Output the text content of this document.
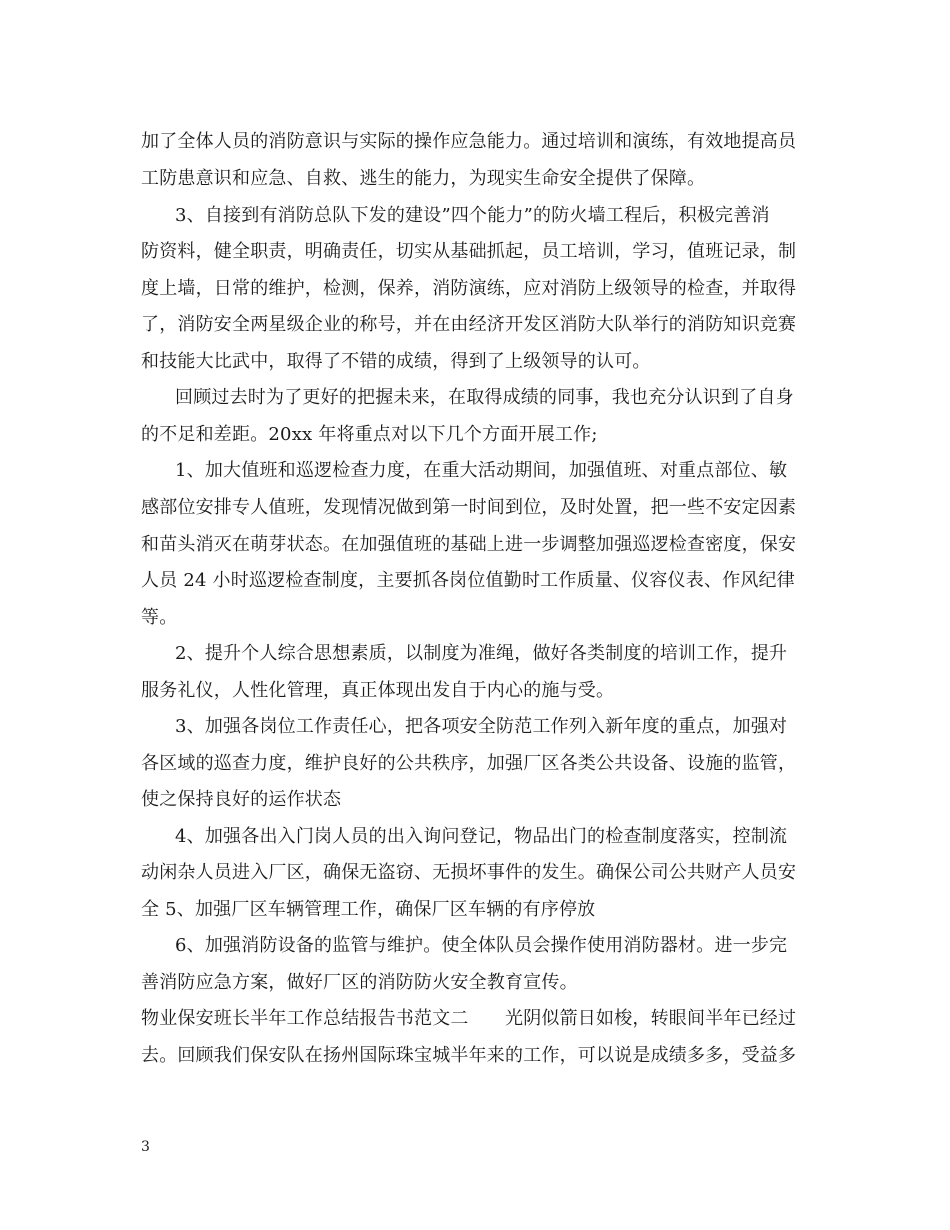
加了全体人员的消防意识与实际的操作应急能力。通过培训和演练，有效地提高员
工防患意识和应急、自救、逃生的能力，为现实生命安全提供了保障。
3、自接到有消防总队下发的建设”四个能力”的防火墙工程后，积极完善消
防资料，健全职责，明确责任，切实从基础抓起，员工培训，学习，值班记录，制
度上墙，日常的维护，检测，保养，消防演练，应对消防上级领导的检查，并取得
了，消防安全两星级企业的称号，并在由经济开发区消防大队举行的消防知识竞赛
和技能大比武中，取得了不错的成绩，得到了上级领导的认可。
回顾过去时为了更好的把握未来，在取得成绩的同事，我也充分认识到了自身
的不足和差距。20xx 年将重点对以下几个方面开展工作;
1、加大值班和巡逻检查力度，在重大活动期间，加强值班、对重点部位、敏
感部位安排专人值班，发现情况做到第一时间到位，及时处置，把一些不安定因素
和苗头消灭在萌芽状态。在加强值班的基础上进一步调整加强巡逻检查密度，保安
人员 24 小时巡逻检查制度，主要抓各岗位值勤时工作质量、仪容仪表、作风纪律
等。
2、提升个人综合思想素质，以制度为准绳，做好各类制度的培训工作，提升
服务礼仪，人性化管理，真正体现出发自于内心的施与受。
3、加强各岗位工作责任心，把各项安全防范工作列入新年度的重点，加强对
各区域的巡查力度，维护良好的公共秩序，加强厂区各类公共设备、设施的监管，
使之保持良好的运作状态
4、加强各出入门岗人员的出入询问登记，物品出门的检查制度落实，控制流
动闲杂人员进入厂区，确保无盗窃、无损坏事件的发生。确保公司公共财产人员安
全 5、加强厂区车辆管理工作，确保厂区车辆的有序停放
6、加强消防设备的监管与维护。使全体队员会操作使用消防器材。进一步完
善消防应急方案，做好厂区的消防防火安全教育宣传。
物业保安班长半年工作总结报告书范文二　　光阴似箭日如梭，转眼间半年已经过
去。回顾我们保安队在扬州国际珠宝城半年来的工作，可以说是成绩多多，受益多
3
